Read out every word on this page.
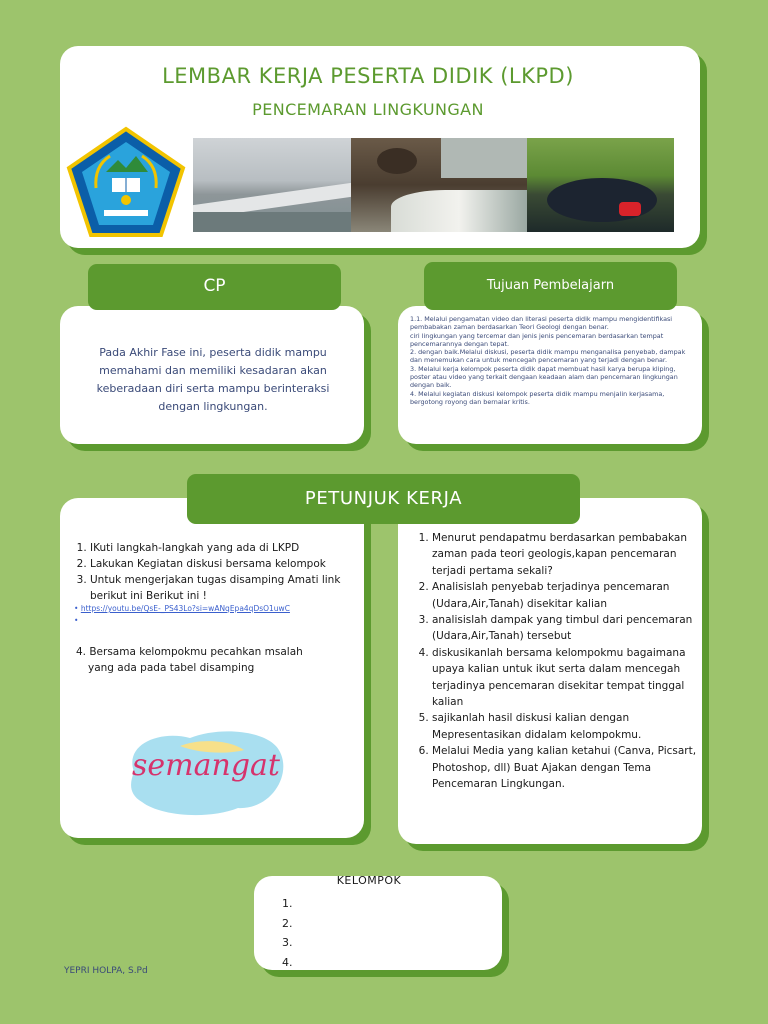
LEMBAR KERJA PESERTA DIDIK (LKPD)
PENCEMARAN LINGKUNGAN
CP
Pada Akhir Fase ini, peserta didik mampu memahami dan memiliki kesadaran akan keberadaan diri serta mampu berinteraksi dengan lingkungan.
Tujuan Pembelajarn

1.1. Melalui pengamatan video dan literasi peserta didik mampu mengidentifikasi pembabakan zaman berdasarkan Teori Geologi dengan benar.

ciri lingkungan yang tercemar dan jenis jenis pencemaran berdasarkan tempat pencemarannya dengan tepat.

2. dengan baik.Melalui diskusi, peserta didik mampu menganalisa penyebab, dampak dan menemukan cara untuk mencegah pencemaran yang terjadi dengan benar.

3. Melalui kerja kelompok peserta didik dapat membuat hasil karya berupa kliping, poster atau video yang terkait dengaan keadaan alam dan pencemaran lingkungan dengan baik.

4. Melalui kegiatan diskusi kelompok peserta didik mampu menjalin kerjasama, bergotong royong dan bernalar kritis.

PETUNJUK KERJA
1. IKuti langkah-langkah yang ada di LKPD
2. Lakukan Kegiatan diskusi bersama kelompok
3. Untuk mengerjakan tugas disamping Amati link berikut ini Berikut ini !
• https://youtu.be/QsE-_PS43Lo?si=wANqEpa4qDsO1uwC
•
4. Bersama kelompokmu pecahkan msalah
yang ada pada tabel disamping
semangat
1. Menurut pendapatmu berdasarkan pembabakan zaman pada teori geologis,kapan pencemaran terjadi pertama sekali?
2. Analisislah penyebab terjadinya pencemaran (Udara,Air,Tanah) disekitar kalian
3. analisislah dampak yang timbul dari pencemaran (Udara,Air,Tanah) tersebut
4. diskusikanlah bersama kelompokmu bagaimana upaya kalian untuk ikut serta dalam mencegah terjadinya pencemaran disekitar tempat tinggal kalian
5. sajikanlah hasil diskusi kalian dengan Mepresentasikan didalam kelompokmu.
6. Melalui Media yang kalian ketahui (Canva, Picsart, Photoshop, dll) Buat Ajakan dengan Tema Pencemaran Lingkungan.
KELOMPOK
1.
2.
3.
4.
YEPRI HOLPA, S.Pd
